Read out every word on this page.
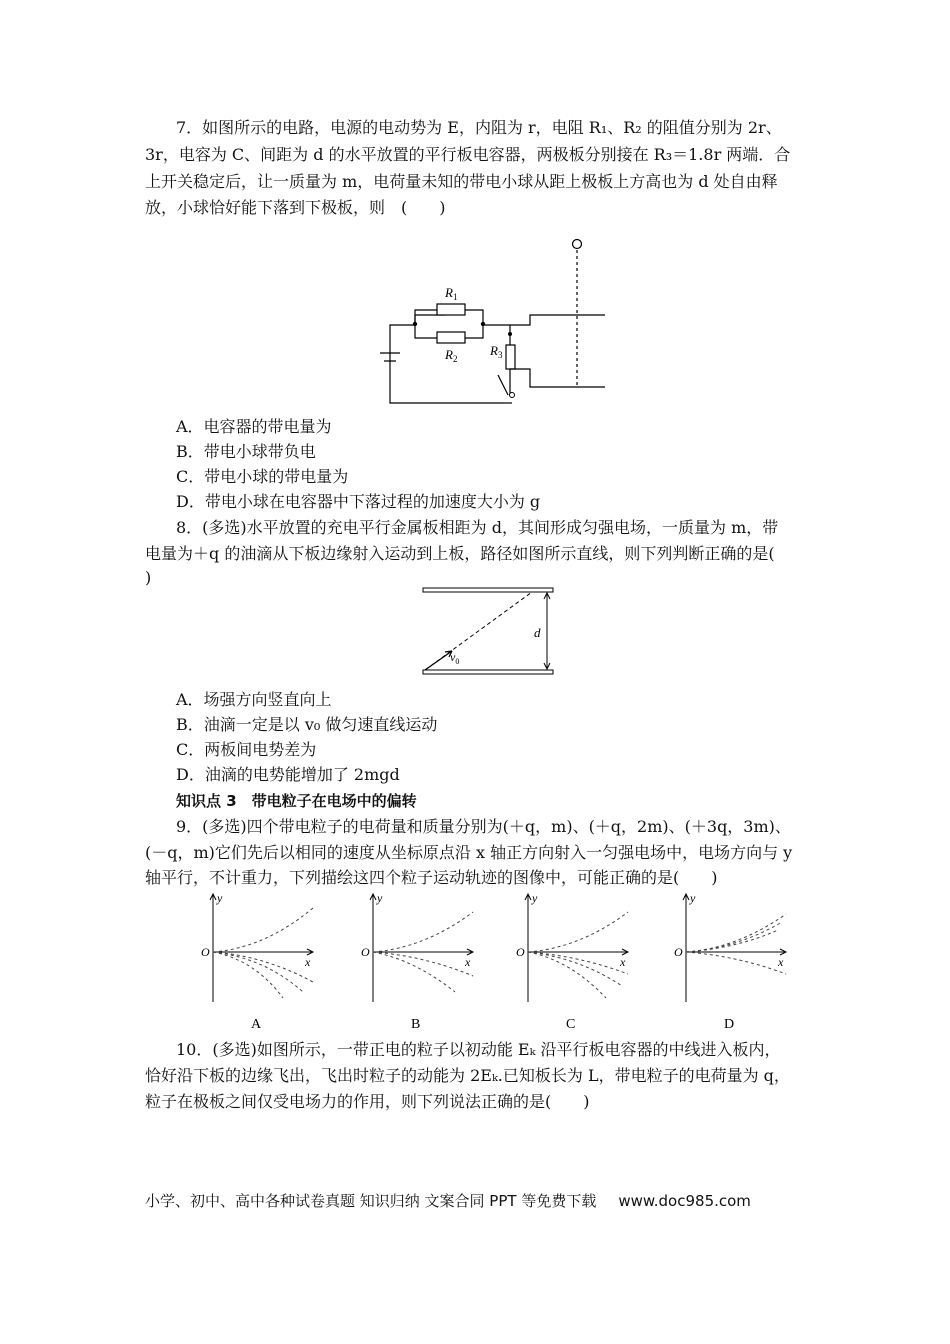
7．如图所示的电路，电源的电动势为 E，内阻为 r，电阻 R₁、R₂ 的阻值分别为 2r、
3r，电容为 C、间距为 d 的水平放置的平行板电容器，两极板分别接在 R₃＝1.8r 两端．合
上开关稳定后，让一质量为 m，电荷量未知的带电小球从距上极板上方高也为 d 处自由释
放，小球恰好能下落到下极板，则　(　　)
$R_1$
$R_2$
$R_3$
A．电容器的带电量为
B．带电小球带负电
C．带电小球的带电量为
D．带电小球在电容器中下落过程的加速度大小为 g
8．(多选)水平放置的充电平行金属板相距为 d，其间形成匀强电场，一质量为 m，带
电量为＋q 的油滴从下板边缘射入运动到上板，路径如图所示直线，则下列判断正确的是(
)
d
$v_0$
A．场强方向竖直向上
B．油滴一定是以 v₀ 做匀速直线运动
C．两板间电势差为
D．油滴的电势能增加了 2mgd
知识点 3　带电粒子在电场中的偏转
9．(多选)四个带电粒子的电荷量和质量分别为(＋q，m)、(＋q，2m)、(＋3q，3m)、
(－q，m)它们先后以相同的速度从坐标原点沿 x 轴正方向射入一匀强电场中，电场方向与 y
轴平行，不计重力，下列描绘这四个粒子运动轨迹的图像中，可能正确的是(　　)
y
O
x
A
y
O
x
B
y
O
x
C
y
O
x
D
10．(多选)如图所示，一带正电的粒子以初动能 Eₖ 沿平行板电容器的中线进入板内，
恰好沿下板的边缘飞出，飞出时粒子的动能为 2Eₖ.已知板长为 L，带电粒子的电荷量为 q，
粒子在极板之间仅受电场力的作用，则下列说法正确的是(　　)
小学、初中、高中各种试卷真题 知识归纳 文案合同 PPT 等免费下载 www.doc985.com
